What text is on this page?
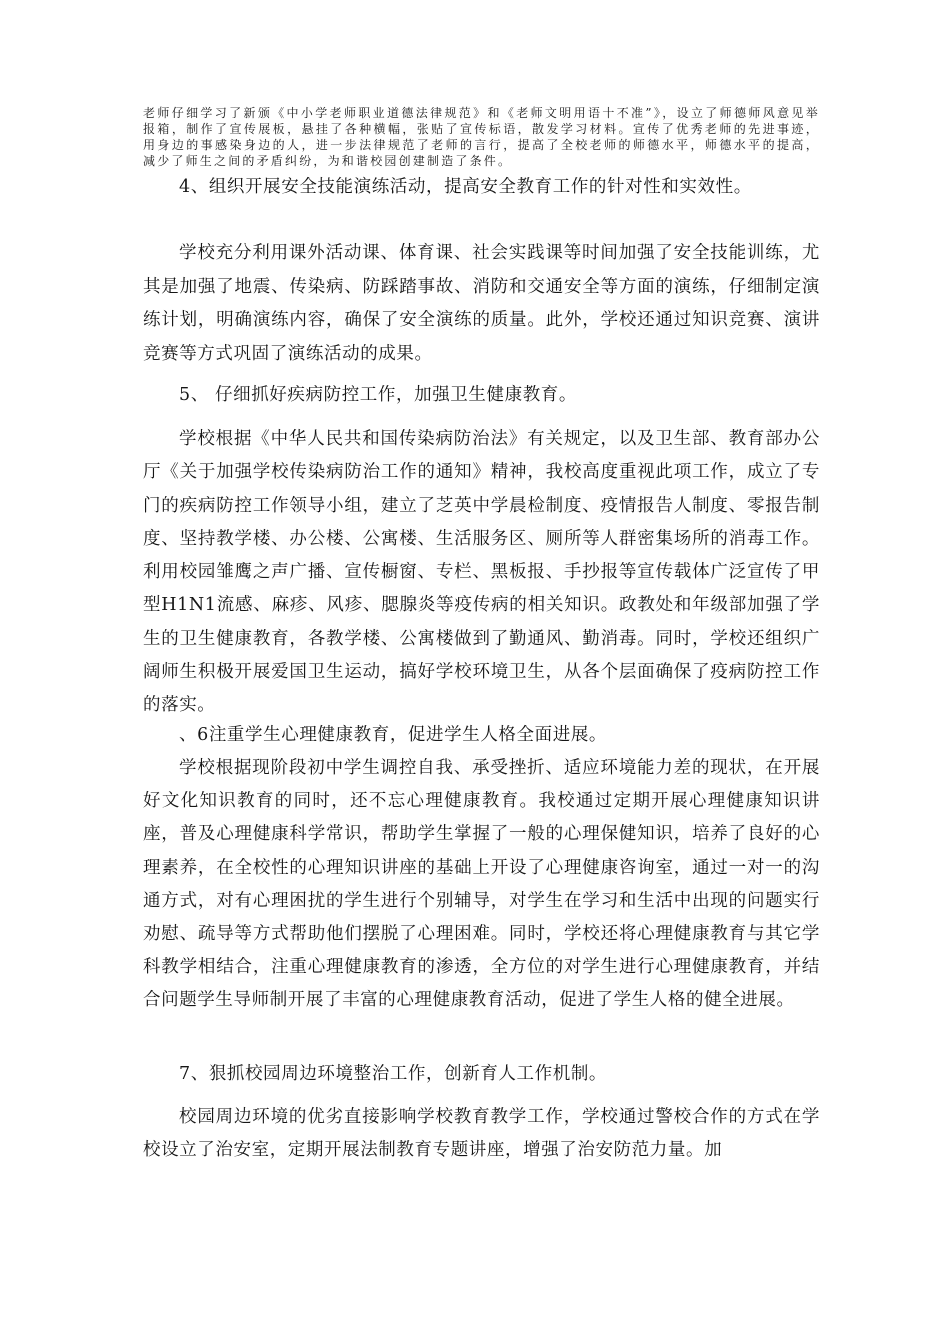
老师仔细学习了新颁《中小学老师职业道德法律规范》和《老师文明用语十不准”》，设立了师德师风意见举报箱，制作了宣传展板，悬挂了各种横幅，张贴了宣传标语，散发学习材料。宣传了优秀老师的先进事迹，用身边的事感染身边的人，进一步法律规范了老师的言行，提高了全校老师的师德水平，师德水平的提高，减少了师生之间的矛盾纠纷，为和谐校园创建制造了条件。
4、组织开展安全技能演练活动，提高安全教育工作的针对性和实效性。
学校充分利用课外活动课、体育课、社会实践课等时间加强了安全技能训练，尤其是加强了地震、传染病、防踩踏事故、消防和交通安全等方面的演练，仔细制定演练计划，明确演练内容，确保了安全演练的质量。此外，学校还通过知识竞赛、演讲竞赛等方式巩固了演练活动的成果。
5、 仔细抓好疾病防控工作，加强卫生健康教育。
学校根据《中华人民共和国传染病防治法》有关规定，以及卫生部、教育部办公厅《关于加强学校传染病防治工作的通知》精神，我校高度重视此项工作，成立了专门的疾病防控工作领导小组，建立了芝英中学晨检制度、疫情报告人制度、零报告制度、坚持教学楼、办公楼、公寓楼、生活服务区、厕所等人群密集场所的消毒工作。利用校园雏鹰之声广播、宣传橱窗、专栏、黑板报、手抄报等宣传载体广泛宣传了甲型H1N1流感、麻疹、风疹、腮腺炎等疫传病的相关知识。政教处和年级部加强了学生的卫生健康教育，各教学楼、公寓楼做到了勤通风、勤消毒。同时，学校还组织广阔师生积极开展爱国卫生运动，搞好学校环境卫生，从各个层面确保了疫病防控工作的落实。
、6注重学生心理健康教育，促进学生人格全面进展。
学校根据现阶段初中学生调控自我、承受挫折、适应环境能力差的现状，在开展好文化知识教育的同时，还不忘心理健康教育。我校通过定期开展心理健康知识讲座，普及心理健康科学常识，帮助学生掌握了一般的心理保健知识，培养了良好的心理素养，在全校性的心理知识讲座的基础上开设了心理健康咨询室，通过一对一的沟通方式，对有心理困扰的学生进行个别辅导，对学生在学习和生活中出现的问题实行劝慰、疏导等方式帮助他们摆脱了心理困难。同时，学校还将心理健康教育与其它学科教学相结合，注重心理健康教育的渗透，全方位的对学生进行心理健康教育，并结合问题学生导师制开展了丰富的心理健康教育活动，促进了学生人格的健全进展。
7、狠抓校园周边环境整治工作，创新育人工作机制。
校园周边环境的优劣直接影响学校教育教学工作，学校通过警校合作的方式在学校设立了治安室，定期开展法制教育专题讲座，增强了治安防范力量。加
